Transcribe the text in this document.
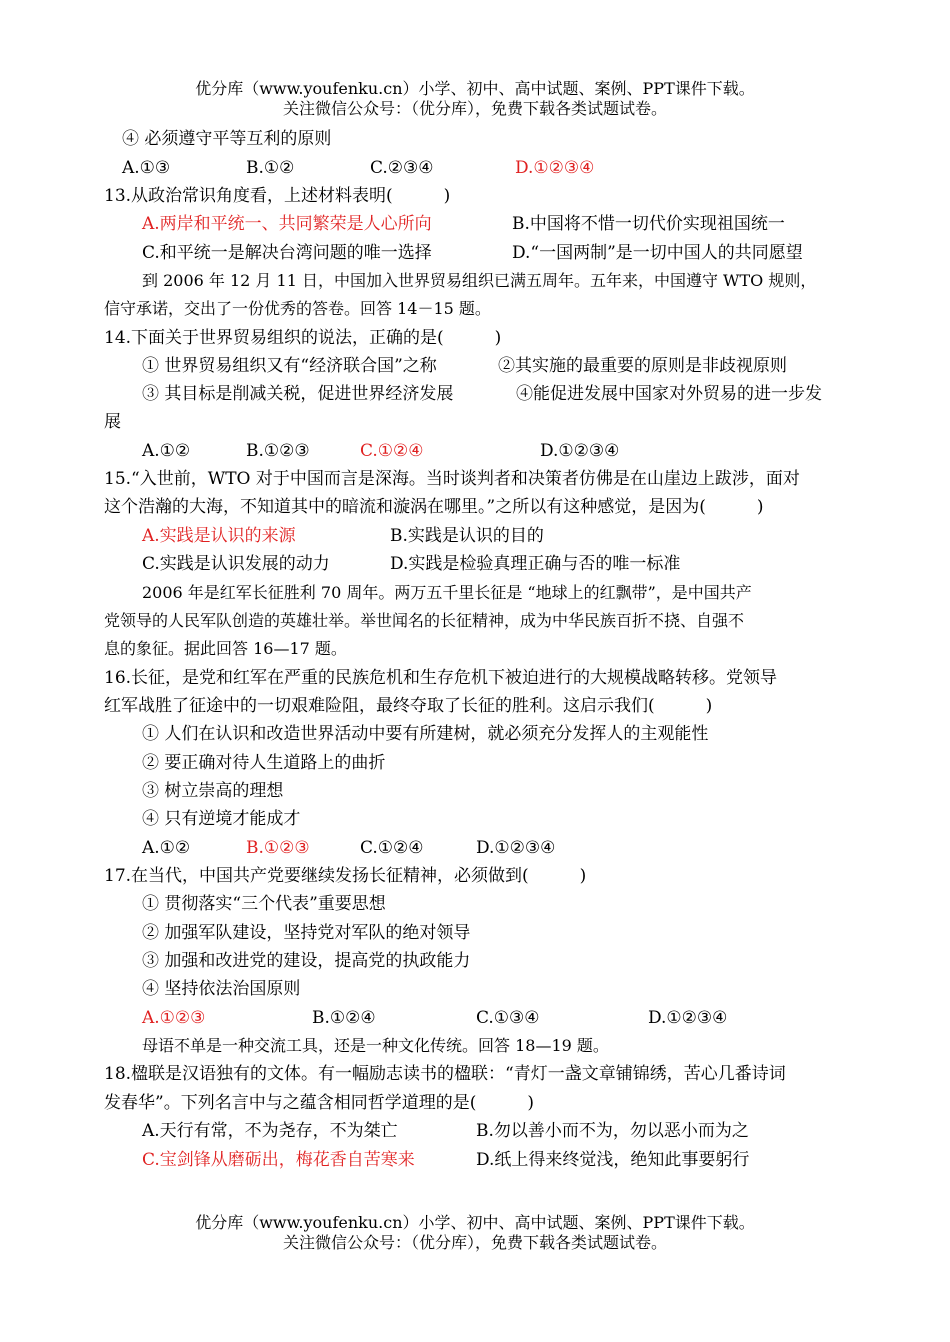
优分库（www.youfenku.cn）小学、初中、高中试题、案例、PPT课件下载。
关注微信公众号：（优分库），免费下载各类试题试卷。
④ 必须遵守平等互利的原则
A.①③	B.①②	C.②③④	D.①②③④
13.从政治常识角度看，上述材料表明(　　　)
A.两岸和平统一、共同繁荣是人心所向	B.中国将不惜一切代价实现祖国统一
C.和平统一是解决台湾问题的唯一选择	D.“一国两制”是一切中国人的共同愿望
到 2006 年 12 月 11 日，中国加入世界贸易组织已满五周年。五年来，中国遵守 WTO 规则，
信守承诺，交出了一份优秀的答卷。回答 14－15 题。
14.下面关于世界贸易组织的说法，正确的是(　　　)
① 世界贸易组织又有“经济联合国”之称	②其实施的最重要的原则是非歧视原则
③ 其目标是削减关税，促进世界经济发展	④能促进发展中国家对外贸易的进一步发
展
A.①②	B.①②③	C.①②④	D.①②③④
15.“入世前，WTO 对于中国而言是深海。当时谈判者和决策者仿佛是在山崖边上跋涉，面对
这个浩瀚的大海，不知道其中的暗流和漩涡在哪里。”之所以有这种感觉，是因为(　　　)
A.实践是认识的来源	B.实践是认识的目的
C.实践是认识发展的动力	D.实践是检验真理正确与否的唯一标准
2006 年是红军长征胜利 70 周年。两万五千里长征是 “地球上的红飘带”，是中国共产
党领导的人民军队创造的英雄壮举。举世闻名的长征精神，成为中华民族百折不挠、自强不
息的象征。据此回答 16—17 题。
16.长征，是党和红军在严重的民族危机和生存危机下被迫进行的大规模战略转移。党领导
红军战胜了征途中的一切艰难险阻，最终夺取了长征的胜利。这启示我们(　　　)
① 人们在认识和改造世界活动中要有所建树，就必须充分发挥人的主观能性
② 要正确对待人生道路上的曲折
③ 树立崇高的理想
④ 只有逆境才能成才
A.①②	B.①②③	C.①②④	D.①②③④
17.在当代，中国共产党要继续发扬长征精神，必须做到(　　　)
① 贯彻落实“三个代表”重要思想
② 加强军队建设，坚持党对军队的绝对领导
③ 加强和改进党的建设，提高党的执政能力
④ 坚持依法治国原则
A.①②③	B.①②④	C.①③④	D.①②③④
母语不单是一种交流工具，还是一种文化传统。回答 18—19 题。
18.楹联是汉语独有的文体。有一幅励志读书的楹联：“青灯一盏文章铺锦绣，苦心几番诗词
发春华”。下列名言中与之蕴含相同哲学道理的是(　　　)
A.天行有常，不为尧存，不为桀亡	B.勿以善小而不为，勿以恶小而为之
C.宝剑锋从磨砺出，梅花香自苦寒来	D.纸上得来终觉浅，绝知此事要躬行
优分库（www.youfenku.cn）小学、初中、高中试题、案例、PPT课件下载。
关注微信公众号：（优分库），免费下载各类试题试卷。
